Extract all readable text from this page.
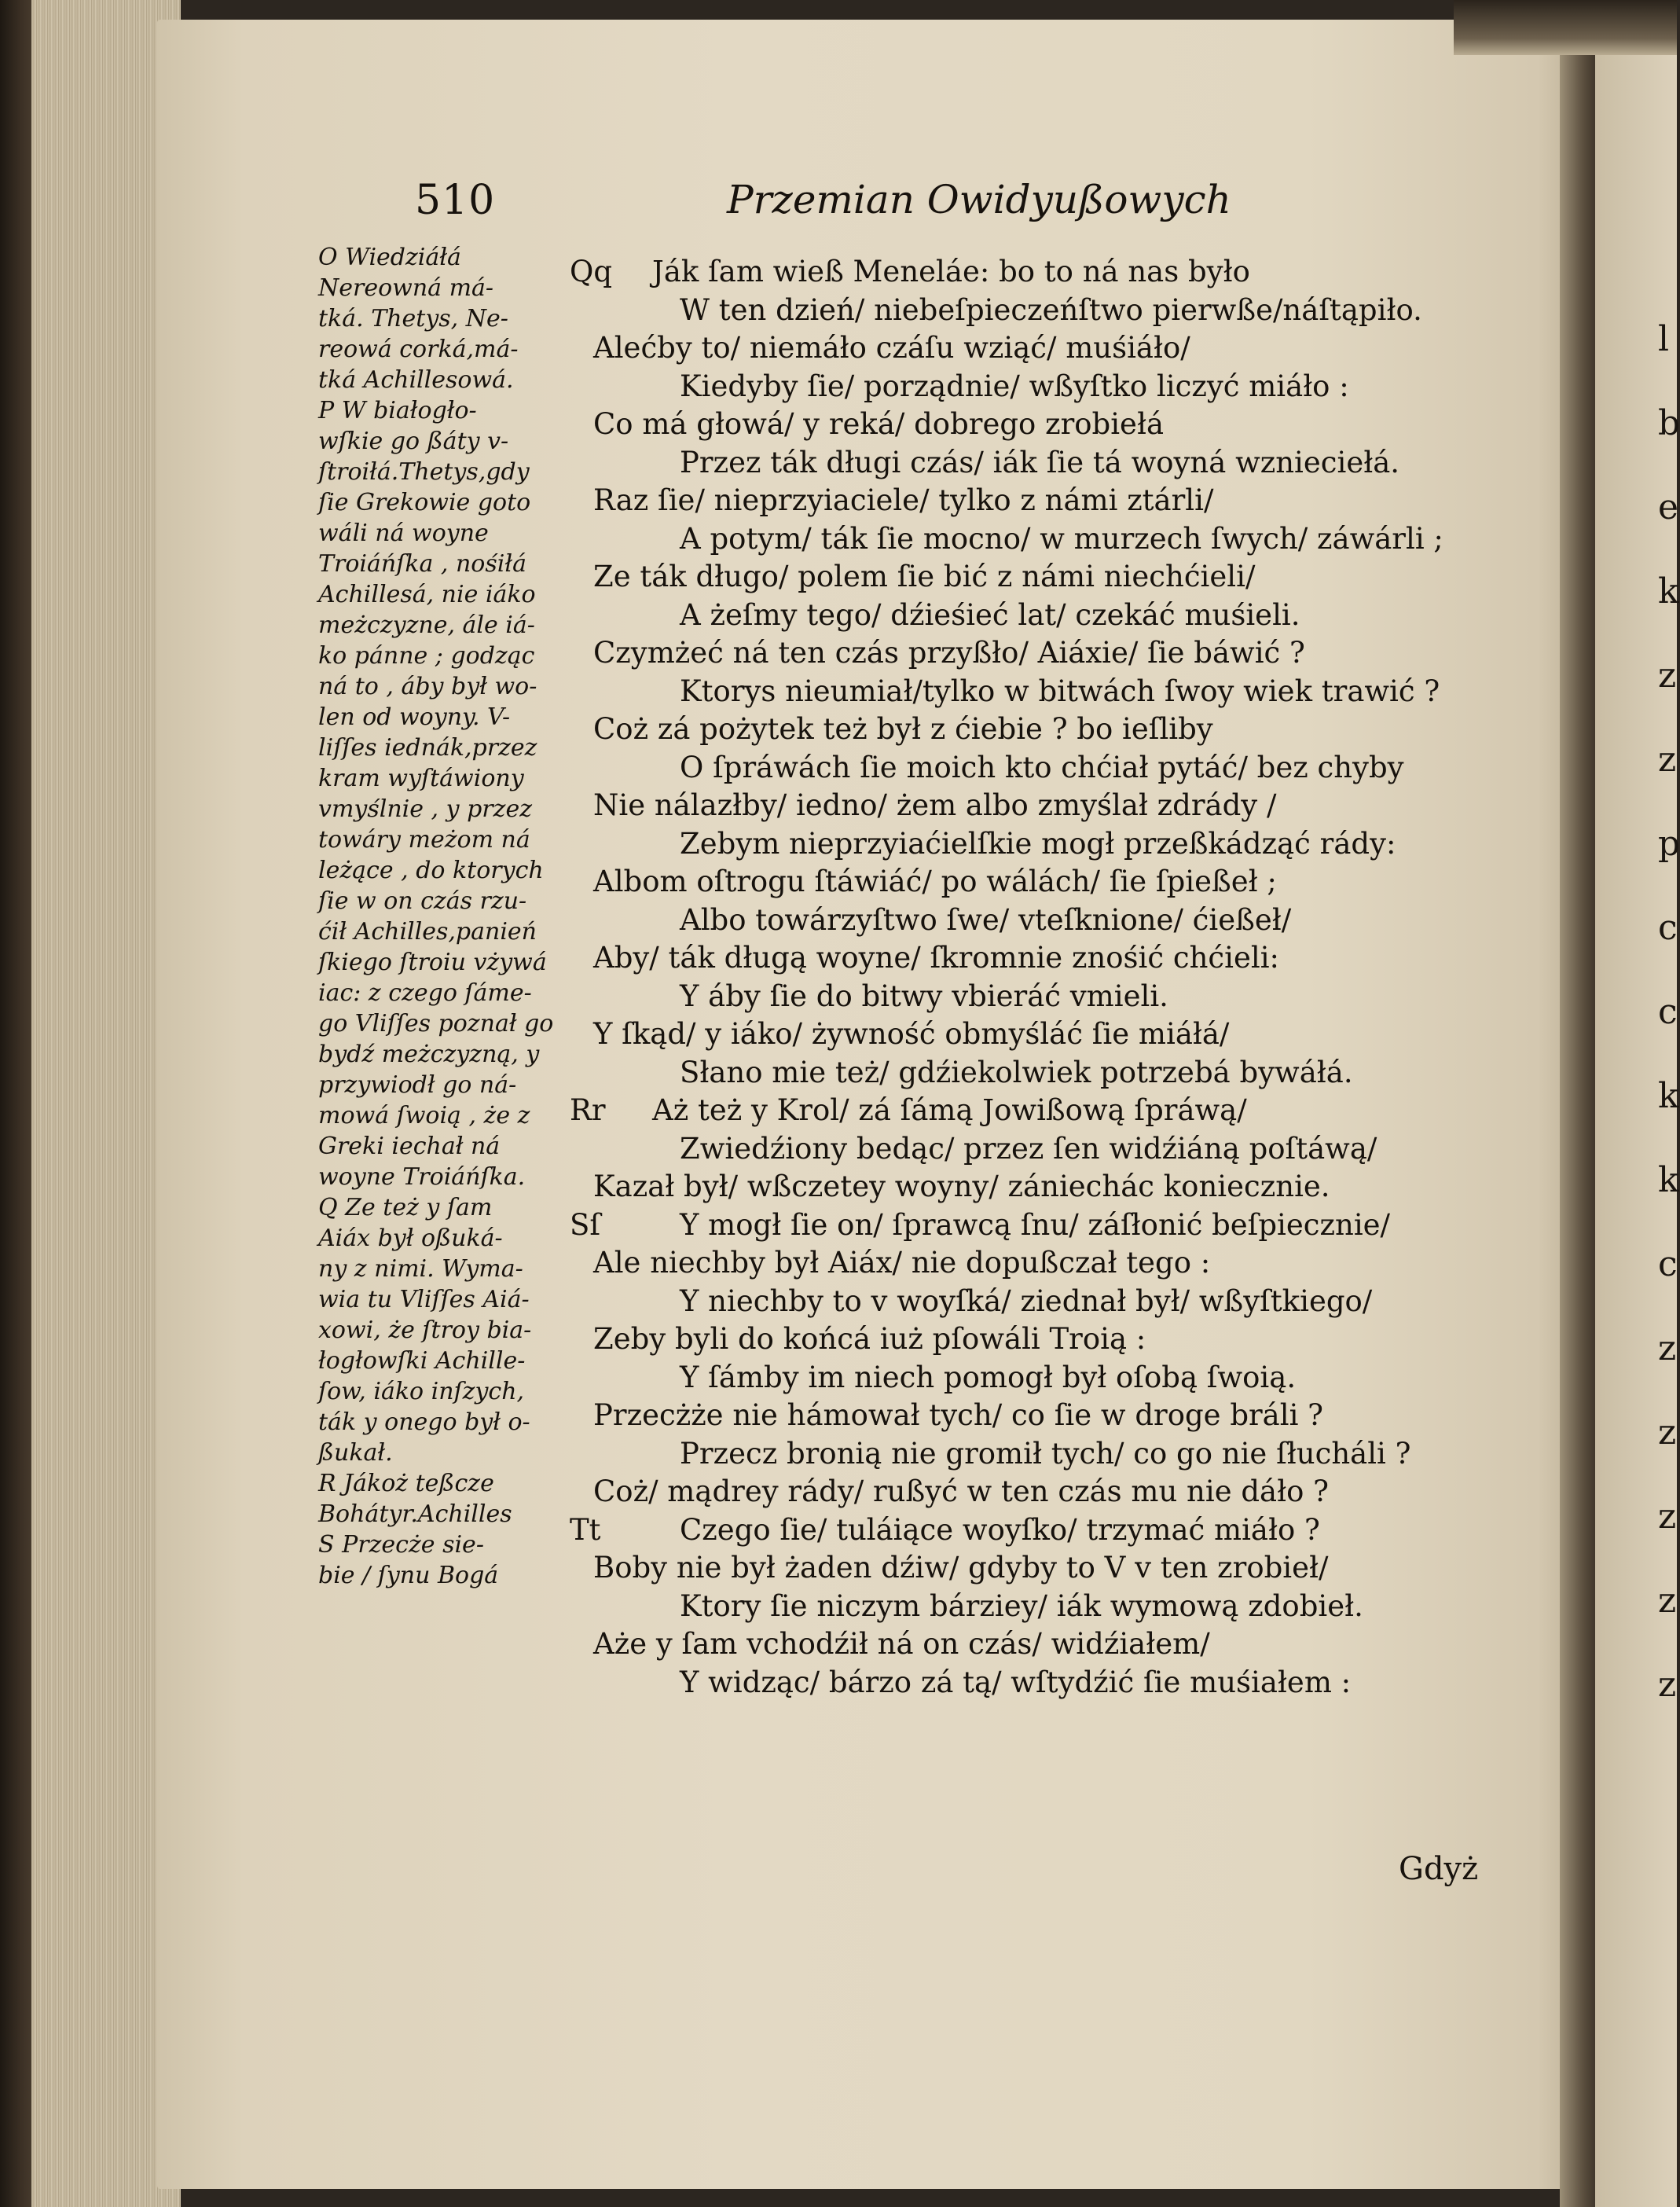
l
b
e
k
z
z
p
c
c
k
k
c
z
z
z
z
z
510	Przemian Owidyußowych
O Wiedziáłá
Nereowná má-
tká. Thetys, Ne-
reowá corká,má-
tká Achillesowá.
P W białogło-
wſkie go ßáty v-
ſtroiłá.Thetys,gdy
ſie Grekowie goto
wáli ná woyne
Troiáńſka , nośiłá
Achillesá, nie iáko
meżczyzne, ále iá-
ko pánne ; godząc
ná to , áby był wo-
len od woyny. V-
liſſes iednák,przez
kram wyſtáwiony
vmyślnie , y przez
towáry meżom ná
leżące , do ktorych
ſie w on czás rzu-
ćił Achilles,panień
ſkiego ſtroiu vżywá
iac: z czego ſáme-
go Vliſſes poznał go
bydź meżczyzną, y
przywiodł go ná-
mowá ſwoią , że z
Greki iechał ná
woyne Troiáńſka.
Q Ze też y ſam
Aiáx był oßuká-
ny z nimi. Wyma-
wia tu Vliſſes Aiá-
xowi, że ſtroy bia-
łogłowſki Achille-
ſow, iáko inſzych,
ták y onego był o-
ßukał.
R Jákoż teßcze
Bohátyr.Achilles
S Przecże sie-
bie / ſynu Bogá
Qq	Ják ſam wieß Meneláe: bo to ná nas było
W ten dzień/ niebeſpieczeńſtwo pierwße/náſtąpiło.
Alećby to/ niemáło czáſu wziąć/ muśiáło/
Kiedyby ſie/ porządnie/ wßyſtko liczyć miáło :
Co má głowá/ y reká/ dobrego zrobiełá
Przez ták długi czás/ iák ſie tá woyná wznieciełá.
Raz ſie/ nieprzyiaciele/ tylko z námi ztárli/
A potym/ ták ſie mocno/ w murzech ſwych/ záwárli ;
Ze ták długo/ polem ſie bić z námi niechćieli/
A żeſmy tego/ dźieśieć lat/ czekáć muśieli.
Czymżeć ná ten czás przyßło/ Aiáxie/ ſie báwić ?
Ktorys nieumiał/tylko w bitwách ſwoy wiek trawić ?
Coż zá pożytek też był z ćiebie ? bo ieſliby
O ſpráwách ſie moich kto chćiał pytáć/ bez chyby
Nie nálazłby/ iedno/ żem albo zmyślał zdrády /
Zebym nieprzyiaćielſkie mogł przeßkádząć rády:
Albom oſtrogu ſtáwiáć/ po wálách/ ſie ſpießeł ;
Albo towárzyſtwo ſwe/ vteſknione/ ćießeł/
Aby/ ták długą woyne/ ſkromnie znośić chćieli:
Y áby ſie do bitwy vbieráć vmieli.
Y ſkąd/ y iáko/ żywność obmyśláć ſie miáłá/
Słano mie też/ gdźiekolwiek potrzebá bywáłá.
Rr	Aż też y Krol/ zá ſámą Jowißową ſpráwą/
Zwiedźiony bedąc/ przez ſen widźiáną poſtáwą/
Kazał był/ wßczetey woyny/ zániechác koniecznie.
Sſ	Y mogł ſie on/ ſprawcą ſnu/ záſłonić beſpiecznie/
Ale niechby był Aiáx/ nie dopußczał tego :
Y niechby to v woyſká/ ziednał był/ wßyſtkiego/
Zeby byli do końcá iuż pſowáli Troią :
Y ſámby im niech pomogł był oſobą ſwoią.
Przecżże nie hámował tych/ co ſie w droge bráli ?
Przecz bronią nie gromił tych/ co go nie ſłucháli ?
Coż/ mądrey rády/ rußyć w ten czás mu nie dáło ?
Tt	Czego ſie/ tuláiące woyſko/ trzymać miáło ?
Boby nie był żaden dźiw/ gdyby to V v ten zrobieł/
Ktory ſie niczym bárziey/ iák wymową zdobieł.
Aże y ſam vchodźił ná on czás/ widźiałem/
Y widząc/ bárzo zá tą/ wſtydźić ſie muśiałem :
Gdyż
